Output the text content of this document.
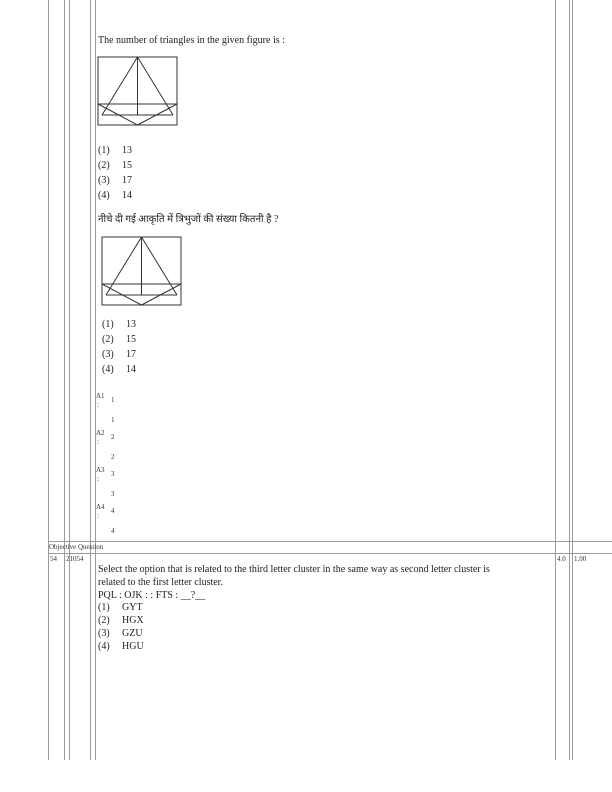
The number of triangles in the given figure is :
(1) 13
(2) 15
(3) 17
(4) 14
नीचे दी गई आकृति में त्रिभुजों की संख्या कितनी है ?
(1) 13
(2) 15
(3) 17
(4) 14
A1
:
1
1
A2
:
2
2
A3
:
3
3
A4
:
4
4
Objective Question
54 21054	4.0 1.00
Select the option that is related to the third letter cluster in the same way as second letter cluster is
related to the first letter cluster.
PQL : OJK : : FTS : __?__
(1) GYT
(2) HGX
(3) GZU
(4) HGU
